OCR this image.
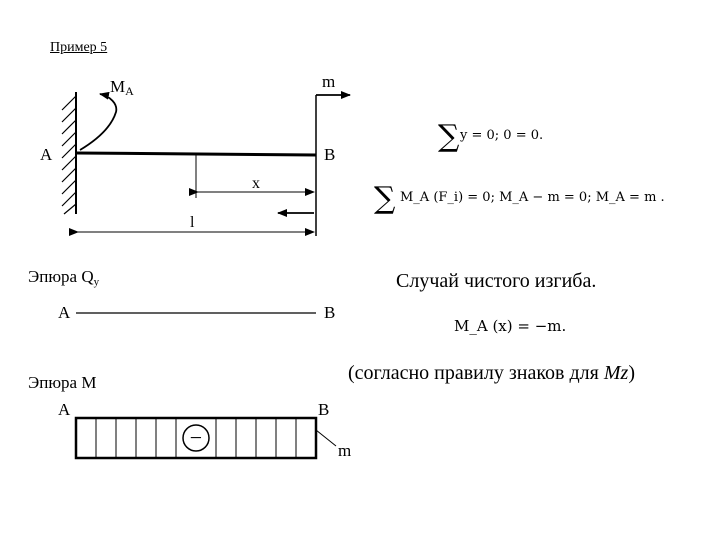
Пример 5
MA	m
A	B
x
l
Эпюра Qy
A	B
Эпюра М
A	B
−
m
∑ y = 0; 0 = 0.
∑ M_A (F_i) = 0; M_A − m = 0; M_A = m .
Случай чистого изгиба.
M_A (x) = −m.
(согласно правилу знаков для Mz)
